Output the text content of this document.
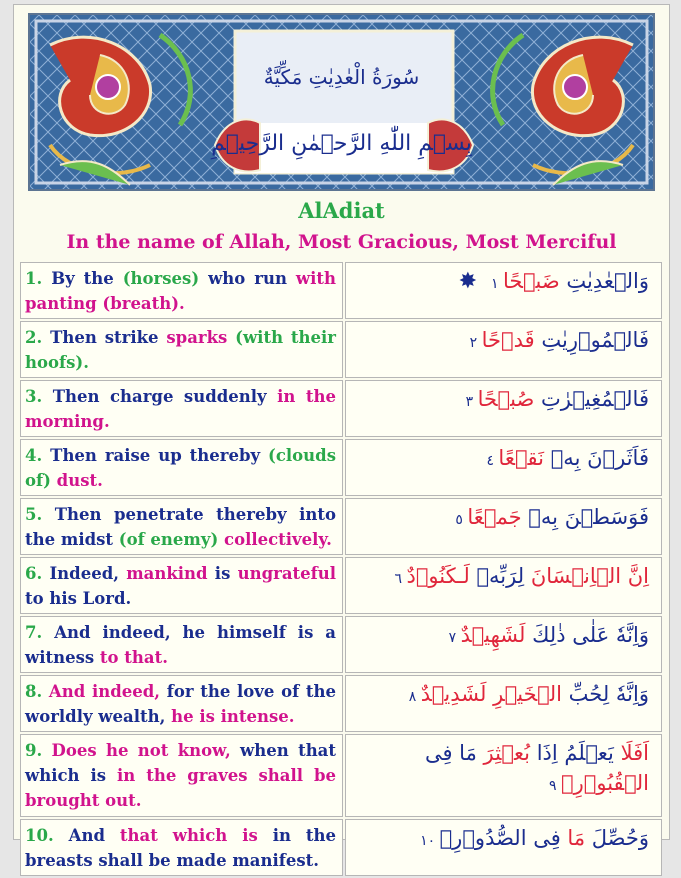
سُورَةُ الْعٰدِيٰتِ مَكِّيَّةٌ
بِسۡمِ اللّٰهِ الرَّحۡمٰنِ الرَّحِيۡمِ
AlAdiat
In the name of Allah, Most Gracious, Most Merciful
1. By the (horses) who run with panting (breath).	وَالۡعٰدِيٰتِ ضَبۡحًا ١✸
2. Then strike sparks (with their hoofs).	فَالۡمُوۡرِيٰتِ قَدۡحًا ٢
3. Then charge suddenly in the morning.	فَالۡمُغِيۡرٰتِ صُبۡحًا ٣
4. Then raise up thereby (clouds of) dust.	فَاَثَرۡنَ بِهٖ نَقۡعًا ٤
5. Then penetrate thereby into the midst (of enemy) collectively.	فَوَسَطۡنَ بِهٖ جَمۡعًا ٥
6. Indeed, mankind is ungrateful to his Lord.	اِنَّ الۡاِنۡسَانَ لِرَبِّهٖ لَـكَنُوۡدٌ ٦
7. And indeed, he himself is a witness to that.	وَاِنَّهٗ عَلٰى ذٰلِكَ لَشَهِيۡدٌ ٧
8. And indeed, for the love of the worldly wealth, he is intense.	وَاِنَّهٗ لِحُبِّ الۡخَيۡرِ لَشَدِيۡدٌ ٨
9. Does he not know, when that which is in the graves shall be brought out.	اَفَلَا يَعۡلَمُ اِذَا بُعۡثِرَ مَا فِى الۡقُبُوۡرِۙ ٩
10. And that which is in the breasts shall be made manifest.	وَحُصِّلَ مَا فِى الصُّدُوۡرِۙ ١٠
